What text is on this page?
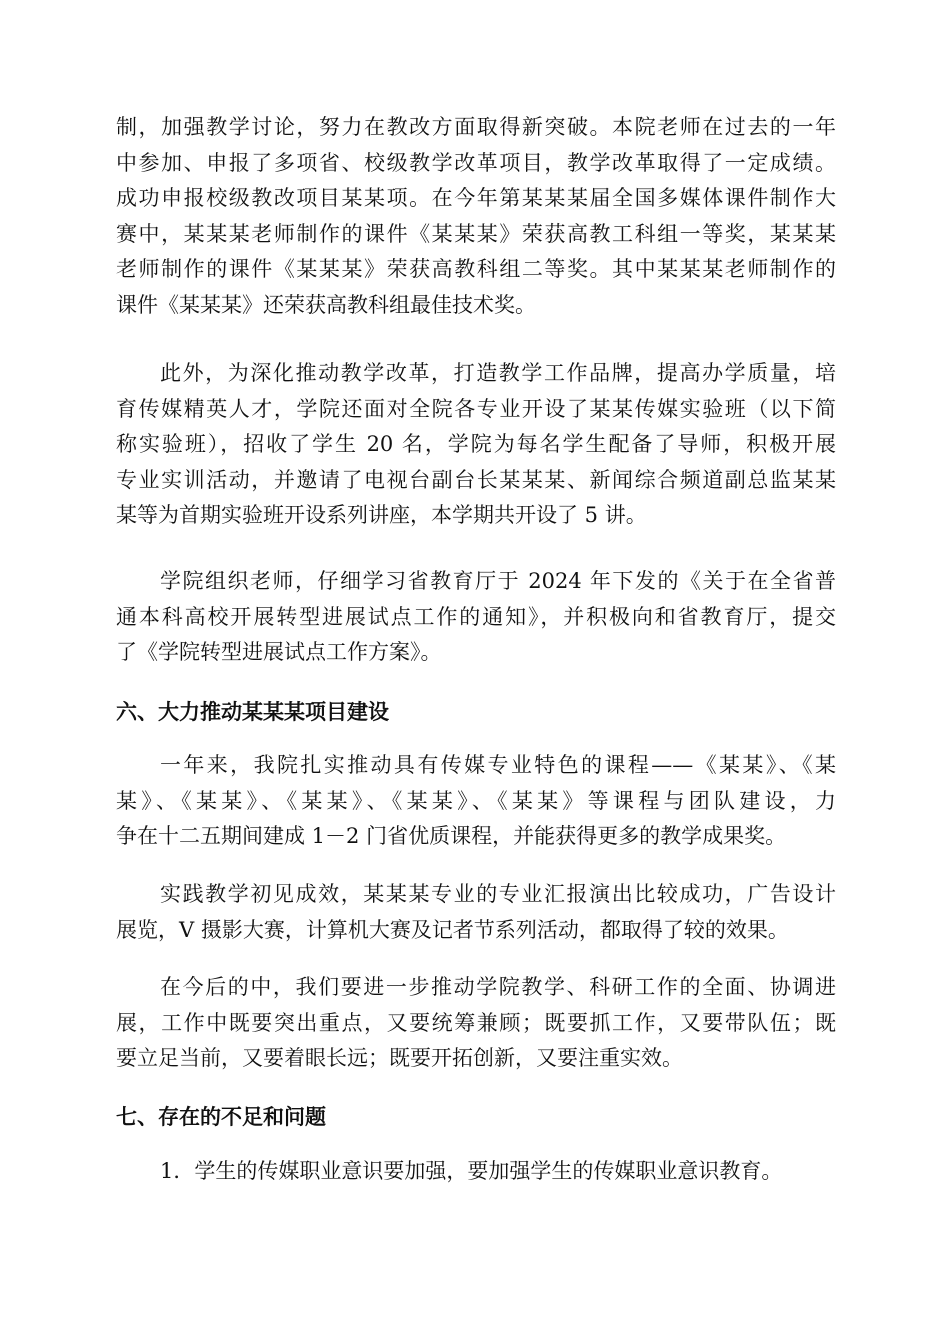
制，加强教学讨论，努力在教改方面取得新突破。本院老师在过去的一年
中参加、申报了多项省、校级教学改革项目，教学改革取得了一定成绩。
成功申报校级教改项目某某项。在今年第某某某届全国多媒体课件制作大
赛中，某某某老师制作的课件《某某某》荣获高教工科组一等奖，某某某
老师制作的课件《某某某》荣获高教科组二等奖。其中某某某老师制作的
课件《某某某》还荣获高教科组最佳技术奖。
此外，为深化推动教学改革，打造教学工作品牌，提高办学质量，培
育传媒精英人才，学院还面对全院各专业开设了某某传媒实验班（以下简
称实验班），招收了学生 20 名，学院为每名学生配备了导师，积极开展
专业实训活动，并邀请了电视台副台长某某某、新闻综合频道副总监某某
某等为首期实验班开设系列讲座，本学期共开设了 5 讲。
学院组织老师，仔细学习省教育厅于 2024 年下发的《关于在全省普
通本科高校开展转型进展试点工作的通知》，并积极向和省教育厅，提交
了《学院转型进展试点工作方案》。
六、大力推动某某某项目建设
一年来，我院扎实推动具有传媒专业特色的课程——《某某》、《某
某》、《某某》、《某某》、《某某》、《某某》等课程与团队建设，力
争在十二五期间建成 1－2 门省优质课程，并能获得更多的教学成果奖。
实践教学初见成效，某某某专业的专业汇报演出比较成功，广告设计
展览，V 摄影大赛，计算机大赛及记者节系列活动，都取得了较的效果。
在今后的中，我们要进一步推动学院教学、科研工作的全面、协调进
展，工作中既要突出重点，又要统筹兼顾；既要抓工作，又要带队伍；既
要立足当前，又要着眼长远；既要开拓创新，又要注重实效。
七、存在的不足和问题
1．学生的传媒职业意识要加强，要加强学生的传媒职业意识教育。
